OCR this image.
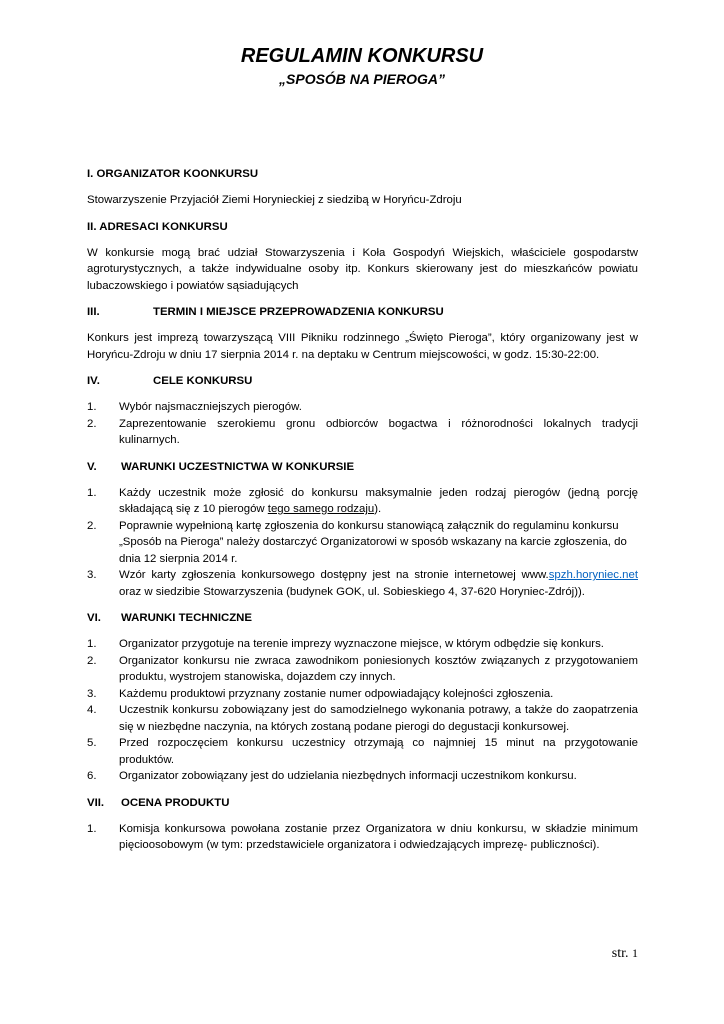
REGULAMIN KONKURSU
„SPOSÓB NA PIEROGA”
I. ORGANIZATOR KOONKURSU
Stowarzyszenie Przyjaciół Ziemi Horynieckiej z siedzibą w Horyńcu-Zdroju
II. ADRESACI KONKURSU
W konkursie mogą brać udział Stowarzyszenia i Koła Gospodyń Wiejskich, właściciele gospodarstw agroturystycznych, a także indywidualne osoby itp. Konkurs skierowany jest do mieszkańców powiatu lubaczowskiego i powiatów sąsiadujących
III.	TERMIN I MIEJSCE PRZEPROWADZENIA KONKURSU
Konkurs jest imprezą towarzyszącą VIII Pikniku rodzinnego „Święto Pieroga”, który organizowany jest w Horyńcu-Zdroju w dniu 17 sierpnia 2014 r. na deptaku w Centrum miejscowości, w godz. 15:30-22:00.
IV.	CELE KONKURSU
1. Wybór najsmaczniejszych pierogów.
2. Zaprezentowanie szerokiemu gronu odbiorców bogactwa i różnorodności lokalnych tradycji kulinarnych.
V. WARUNKI UCZESTNICTWA W KONKURSIE
1. Każdy uczestnik może zgłosić do konkursu maksymalnie jeden rodzaj pierogów (jedną porcję składającą się z 10 pierogów tego samego rodzaju).
2. Poprawnie wypełnioną kartę zgłoszenia do konkursu stanowiącą załącznik do regulaminu konkursu „Sposób na Pieroga” należy dostarczyć Organizatorowi w sposób wskazany na karcie zgłoszenia, do dnia 12 sierpnia 2014 r.
3. Wzór karty zgłoszenia konkursowego dostępny jest na stronie internetowej www.spzh.horyniec.net oraz w siedzibie Stowarzyszenia (budynek GOK, ul. Sobieskiego 4, 37-620 Horyniec-Zdrój)).
VI. WARUNKI TECHNICZNE
1. Organizator przygotuje na terenie imprezy wyznaczone miejsce, w którym odbędzie się konkurs.
2. Organizator konkursu nie zwraca zawodnikom poniesionych kosztów związanych z przygotowaniem produktu, wystrojem stanowiska, dojazdem czy innych.
3. Każdemu produktowi przyznany zostanie numer odpowiadający kolejności zgłoszenia.
4. Uczestnik konkursu zobowiązany jest do samodzielnego wykonania potrawy, a także do zaopatrzenia się w niezbędne naczynia, na których zostaną podane pierogi do degustacji konkursowej.
5. Przed rozpoczęciem konkursu uczestnicy otrzymają co najmniej 15 minut na przygotowanie produktów.
6. Organizator zobowiązany jest do udzielania niezbędnych informacji uczestnikom konkursu.
VII. OCENA PRODUKTU
1. Komisja konkursowa powołana zostanie przez Organizatora w dniu konkursu, w składzie minimum pięcioosobowym (w tym: przedstawiciele organizatora i odwiedzających imprezę- publiczności).
str. 1
